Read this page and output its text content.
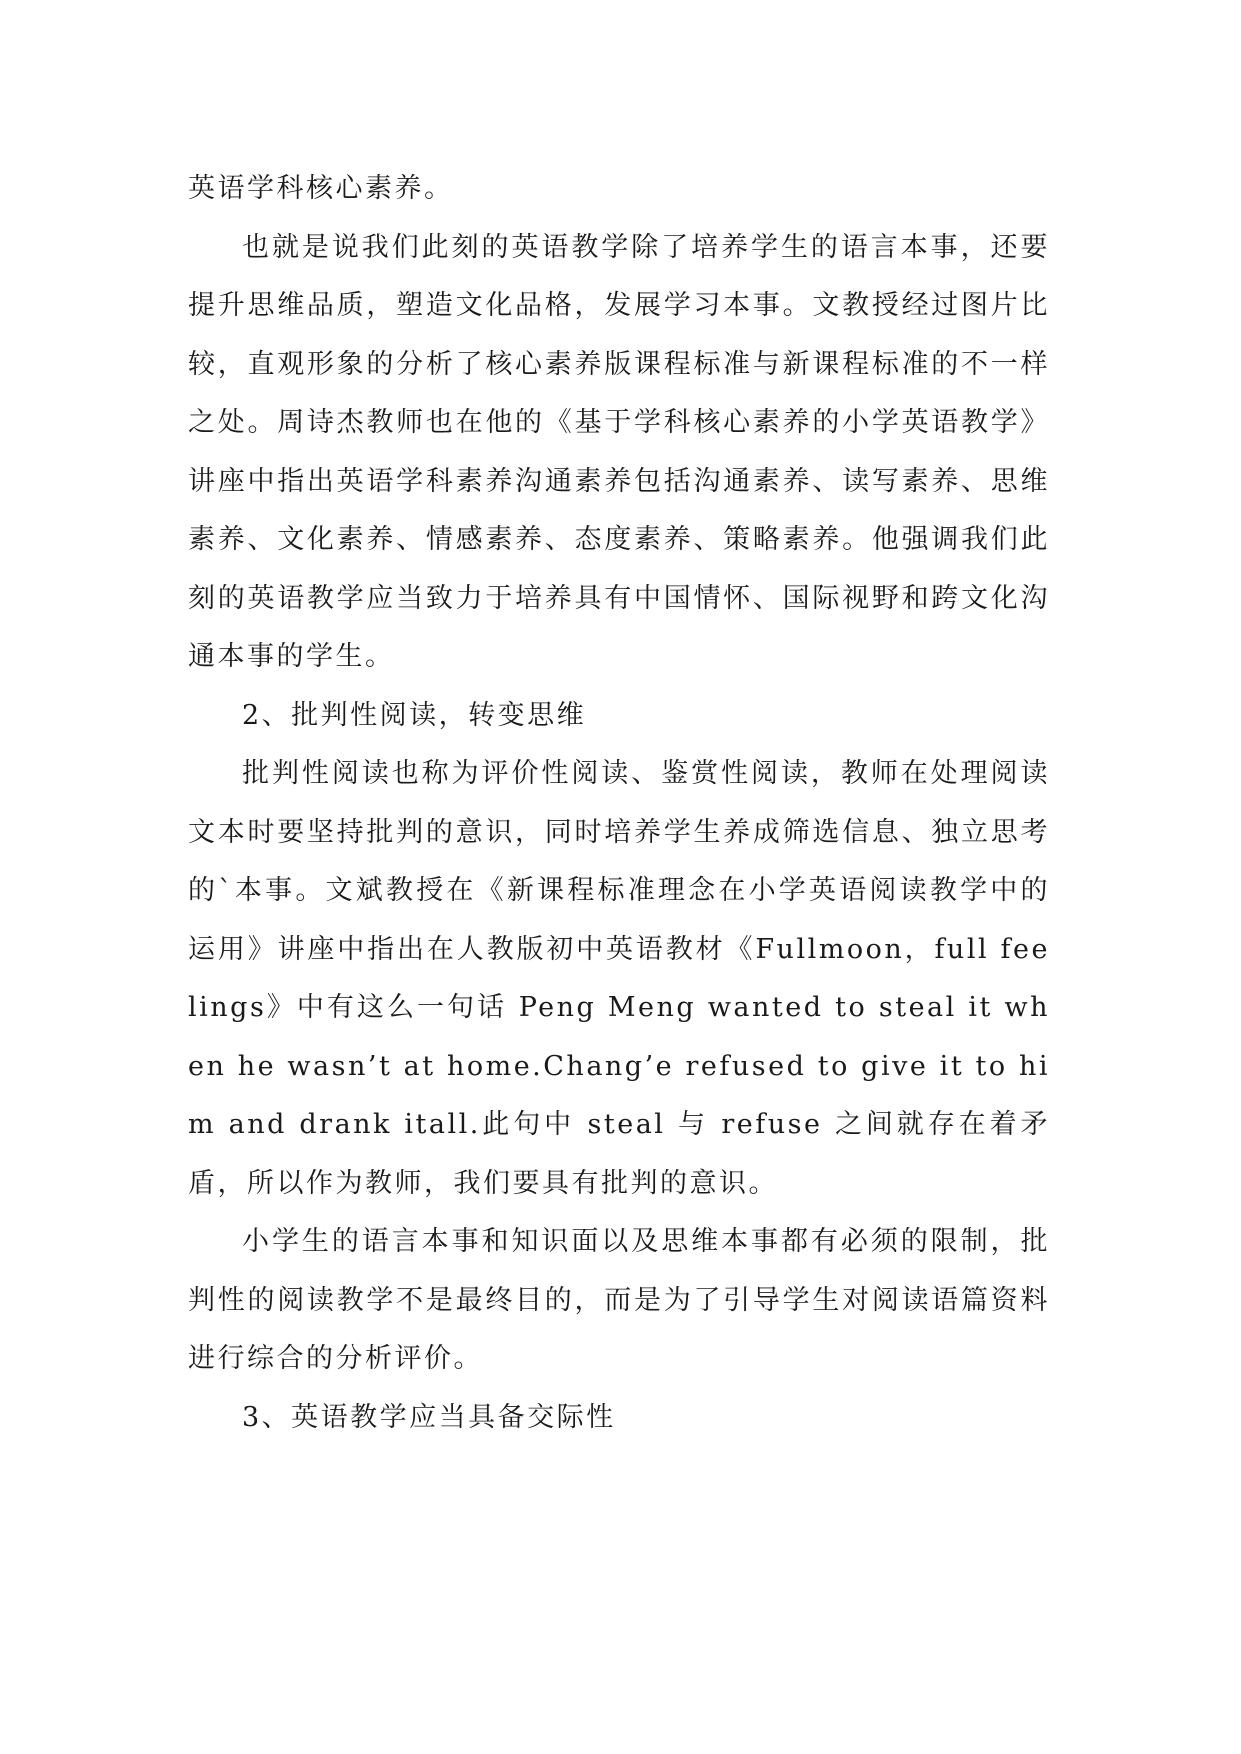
英语学科核心素养。

也就是说我们此刻的英语教学除了培养学生的语言本事，还要提升思维品质，塑造文化品格，发展学习本事。文教授经过图片比较，直观形象的分析了核心素养版课程标准与新课程标准的不一样之处。周诗杰教师也在他的《基于学科核心素养的小学英语教学》讲座中指出英语学科素养沟通素养包括沟通素养、读写素养、思维素养、文化素养、情感素养、态度素养、策略素养。他强调我们此刻的英语教学应当致力于培养具有中国情怀、国际视野和跨文化沟通本事的学生。

2、批判性阅读，转变思维

批判性阅读也称为评价性阅读、鉴赏性阅读，教师在处理阅读文本时要坚持批判的意识，同时培养学生养成筛选信息、独立思考的`本事。文斌教授在《新课程标准理念在小学英语阅读教学中的运用》讲座中指出在人教版初中英语教材《Fullmoon，full feelings》中有这么一句话 Peng Meng wanted to steal it when he wasn’t at home.Chang’e refused to give it to him and drank itall.此句中 steal 与 refuse 之间就存在着矛盾，所以作为教师，我们要具有批判的意识。

小学生的语言本事和知识面以及思维本事都有必须的限制，批判性的阅读教学不是最终目的，而是为了引导学生对阅读语篇资料进行综合的分析评价。

3、英语教学应当具备交际性
